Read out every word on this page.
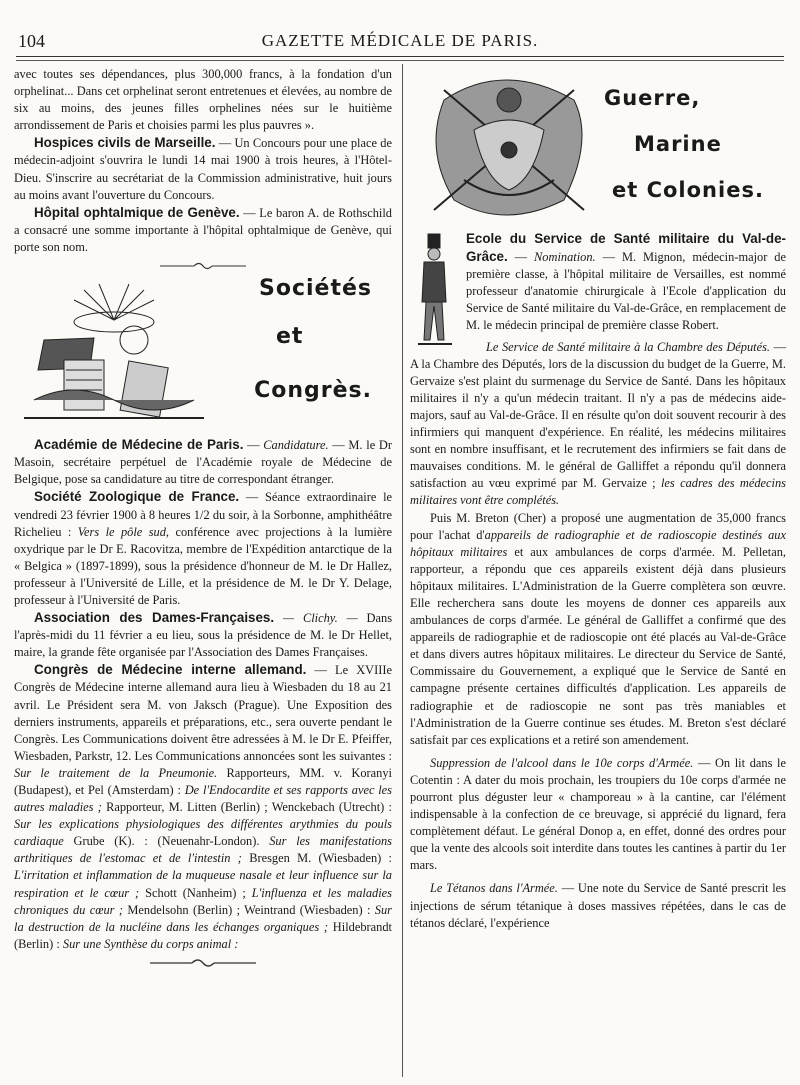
104	GAZETTE MÉDICALE DE PARIS.

avec toutes ses dépendances, plus 300,000 francs, à la fondation d'un orphelinat... Dans cet orphelinat seront entretenues et élevées, au nombre de six au moins, des jeunes filles orphelines nées sur le huitième arrondissement de Paris et choisies parmi les plus pauvres ».

Hospices civils de Marseille. — Un Concours pour une place de médecin-adjoint s'ouvrira le lundi 14 mai 1900 à trois heures, à l'Hôtel-Dieu. S'inscrire au secrétariat de la Commission administrative, huit jours au moins avant l'ouverture du Concours.

Hôpital ophtalmique de Genève. — Le baron A. de Rothschild a consacré une somme importante à l'hôpital ophtalmique de Genève, qui porte son nom.

Sociétés
et
Congrès.

Académie de Médecine de Paris. — Candidature. — M. le Dr Masoin, secrétaire perpétuel de l'Académie royale de Médecine de Belgique, pose sa candidature au titre de correspondant étranger.

Société Zoologique de France. — Séance extraordinaire le vendredi 23 février 1900 à 8 heures 1/2 du soir, à la Sorbonne, amphithéâtre Richelieu : Vers le pôle sud, conférence avec projections à la lumière oxydrique par le Dr E. Racovitza, membre de l'Expédition antarctique de la « Belgica » (1897-1899), sous la présidence d'honneur de M. le Dr Hallez, professeur à l'Université de Lille, et la présidence de M. le Dr Y. Delage, professeur à l'Université de Paris.

Association des Dames-Françaises. — Clichy. — Dans l'après-midi du 11 février a eu lieu, sous la présidence de M. le Dr Hellet, maire, la grande fête organisée par l'Association des Dames Françaises.

Congrès de Médecine interne allemand. — Le XVIIIe Congrès de Médecine interne allemand aura lieu à Wiesbaden du 18 au 21 avril. Le Président sera M. von Jaksch (Prague). Une Exposition des derniers instruments, appareils et préparations, etc., sera ouverte pendant le Congrès. Les Communications doivent être adressées à M. le Dr E. Pfeiffer, Wiesbaden, Parkstr, 12. Les Communications annoncées sont les suivantes : Sur le traitement de la Pneumonie. Rapporteurs, MM. v. Koranyi (Budapest), et Pel (Amsterdam) : De l'Endocardite et ses rapports avec les autres maladies ; Rapporteur, M. Litten (Berlin) ; Wenckebach (Utrecht) : Sur les explications physiologiques des différentes arythmies du pouls cardiaque Grube (K). : (Neuenahr-London). Sur les manifestations arthritiques de l'estomac et de l'intestin ; Bresgen M. (Wiesbaden) : L'irritation et inflammation de la muqueuse nasale et leur influence sur la respiration et le cœur ; Schott (Nanheim) ; L'influenza et les maladies chroniques du cœur ; Mendelsohn (Berlin) ; Weintrand (Wiesbaden) : Sur la destruction de la nucléine dans les échanges organiques ; Hildebrandt (Berlin) : Sur une Synthèse du corps animal :

Guerre,
Marine
et Colonies.

Ecole du Service de Santé militaire du Val-de-Grâce. — Nomination. — M. Mignon, médecin-major de première classe, à l'hôpital militaire de Versailles, est nommé professeur d'anatomie chirurgicale à l'Ecole d'application du Service de Santé militaire du Val-de-Grâce, en remplacement de M. le médecin principal de première classe Robert.

Le Service de Santé militaire à la Chambre des Députés. — A la Chambre des Députés, lors de la discussion du budget de la Guerre, M. Gervaize s'est plaint du surmenage du Service de Santé. Dans les hôpitaux militaires il n'y a qu'un médecin traitant. Il n'y a pas de médecins aide-majors, sauf au Val-de-Grâce. Il en résulte qu'on doit souvent recourir à des infirmiers qui manquent d'expérience. En réalité, les médecins militaires sont en nombre insuffisant, et le recrutement des infirmiers se fait dans de mauvaises conditions. M. le général de Galliffet a répondu qu'il donnera satisfaction au vœu exprimé par M. Gervaize ; les cadres des médecins militaires vont être complétés.

Puis M. Breton (Cher) a proposé une augmentation de 35,000 francs pour l'achat d'appareils de radiographie et de radioscopie destinés aux hôpitaux militaires et aux ambulances de corps d'armée. M. Pelletan, rapporteur, a répondu que ces appareils existent déjà dans plusieurs hôpitaux militaires. L'Administration de la Guerre complètera son œuvre. Elle recherchera sans doute les moyens de donner ces appareils aux ambulances de corps d'armée. Le général de Galliffet a confirmé que des appareils de radiographie et de radioscopie ont été placés au Val-de-Grâce et dans divers autres hôpitaux militaires. Le directeur du Service de Santé, Commissaire du Gouvernement, a expliqué que le Service de Santé en campagne présente certaines difficultés d'application. Les appareils de radiographie et de radioscopie ne sont pas très maniables et l'Administration de la Guerre continue ses études. M. Breton s'est déclaré satisfait par ces explications et a retiré son amendement.

Suppression de l'alcool dans le 10e corps d'Armée. — On lit dans le Cotentin : A dater du mois prochain, les troupiers du 10e corps d'armée ne pourront plus déguster leur « champoreau » à la cantine, car l'élément indispensable à la confection de ce breuvage, si apprécié du lignard, fera complètement défaut. Le général Donop a, en effet, donné des ordres pour que la vente des alcools soit interdite dans toutes les cantines à partir du 1er mars.

Le Tétanos dans l'Armée. — Une note du Service de Santé prescrit les injections de sérum tétanique à doses massives répétées, dans le cas de tétanos déclaré, l'expérience
